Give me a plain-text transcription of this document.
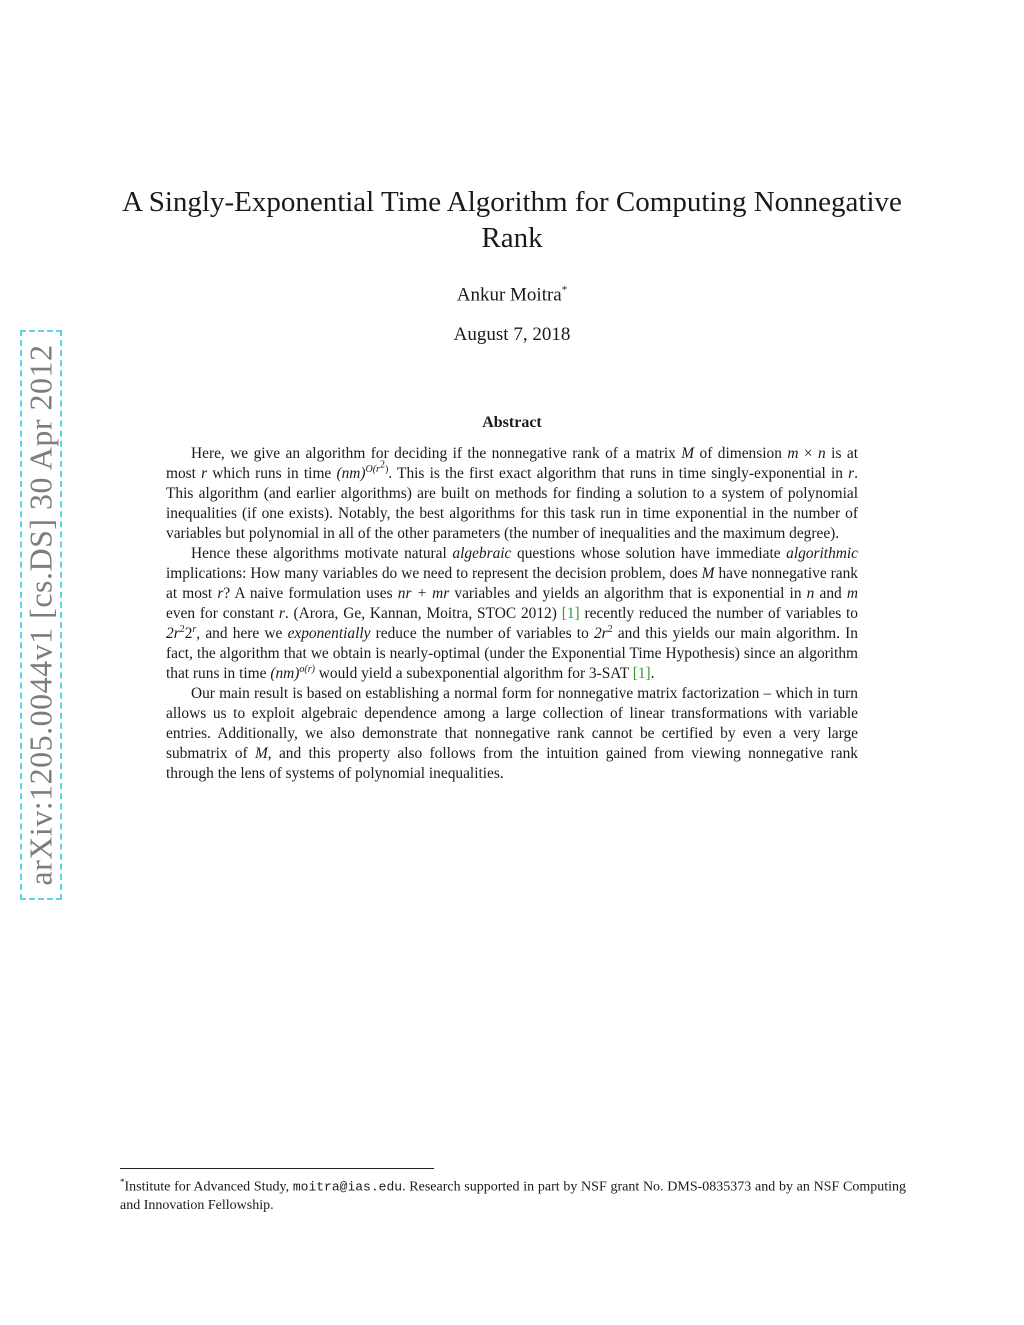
arXiv:1205.0044v1 [cs.DS] 30 Apr 2012
A Singly-Exponential Time Algorithm for Computing Nonnegative Rank
Ankur Moitra*
August 7, 2018
Abstract

Here, we give an algorithm for deciding if the nonnegative rank of a matrix M of dimension m × n is at most r which runs in time (nm)$^{O(r^2)}$. This is the first exact algorithm that runs in time singly-exponential in r. This algorithm (and earlier algorithms) are built on methods for finding a solution to a system of polynomial inequalities (if one exists). Notably, the best algorithms for this task run in time exponential in the number of variables but polynomial in all of the other parameters (the number of inequalities and the maximum degree).

Hence these algorithms motivate natural algebraic questions whose solution have immediate algorithmic implications: How many variables do we need to represent the decision problem, does M have nonnegative rank at most r? A naive formulation uses nr + mr variables and yields an algorithm that is exponential in n and m even for constant r. (Arora, Ge, Kannan, Moitra, STOC 2012) [1] recently reduced the number of variables to $2r^22^r$, and here we exponentially reduce the number of variables to $2r^2$ and this yields our main algorithm. In fact, the algorithm that we obtain is nearly-optimal (under the Exponential Time Hypothesis) since an algorithm that runs in time (nm)$^{o(r)}$ would yield a subexponential algorithm for 3-SAT [1].

Our main result is based on establishing a normal form for nonnegative matrix factorization – which in turn allows us to exploit algebraic dependence among a large collection of linear transformations with variable entries. Additionally, we also demonstrate that nonnegative rank cannot be certified by even a very large submatrix of M, and this property also follows from the intuition gained from viewing nonnegative rank through the lens of systems of polynomial inequalities.

*Institute for Advanced Study, moitra@ias.edu. Research supported in part by NSF grant No. DMS-0835373 and by an NSF Computing and Innovation Fellowship.
